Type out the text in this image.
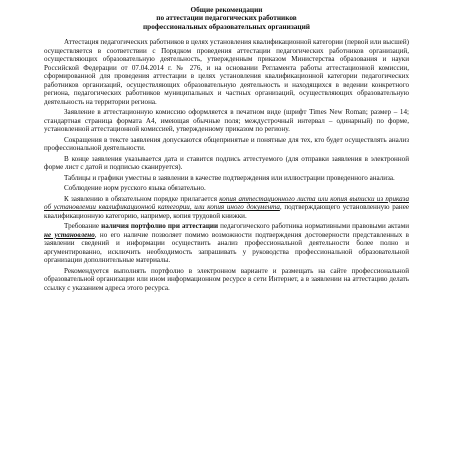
Общие рекомендации
по аттестации педагогических работников
профессиональных образовательных организаций

Аттестация педагогических работников в целях установления квалификационной категории (первой или высшей) осуществляется в соответствии с Порядком проведения аттестации педагогических работников организаций, осуществляющих образовательную деятельность, утвержденным приказом Министерства образования и науки Российской Федерации от 07.04.2014 г. № 276, и на основании Регламента работы аттестационной комиссии, сформированной для проведения аттестации в целях установления квалификационной категории педагогических работников организаций, осуществляющих образовательную деятельность и находящихся в ведении конкретного региона, педагогических работников муниципальных и частных организаций, осуществляющих образовательную деятельность на территории региона.

Заявление в аттестационную комиссию оформляется в печатном виде (шрифт Times New Roman; размер – 14; стандартная страница формата А4, имеющая обычные поля; междустрочный интервал – одинарный) по форме, установленной аттестационной комиссией, утвержденному приказом по региону.

Сокращения в тексте заявления допускаются общепринятые и понятные для тех, кто будет осуществлять анализ профессиональной деятельности.

В конце заявления указывается дата и ставится подпись аттестуемого (для отправки заявления в электронной форме лист с датой и подписью сканируется).

Таблицы и графики уместны в заявлении в качестве подтверждения или иллюстрации проведенного анализа.

Соблюдение норм русского языка обязательно.

К заявлению в обязательном порядке прилагается копия аттестационного листа или копия выписки из приказа об установлении квалификационной категории, или копия иного документа, подтверждающего установленную ранее квалификационную категорию, например, копия трудовой книжки.

Требование наличия портфолио при аттестации педагогического работника нормативными правовыми актами не установлено, но его наличие позволяет помимо возможности подтверждения достоверности представленных в заявлении сведений и информации осуществить анализ профессиональной деятельности более полно и аргументированно, исключить необходимость запрашивать у руководства профессиональной образовательной организации дополнительные материалы.

Рекомендуется выполнять портфолио в электронном варианте и размещать на сайте профессиональной образовательной организации или ином информационном ресурсе в сети Интернет, а в заявлении на аттестацию делать ссылку с указанием адреса этого ресурса.
